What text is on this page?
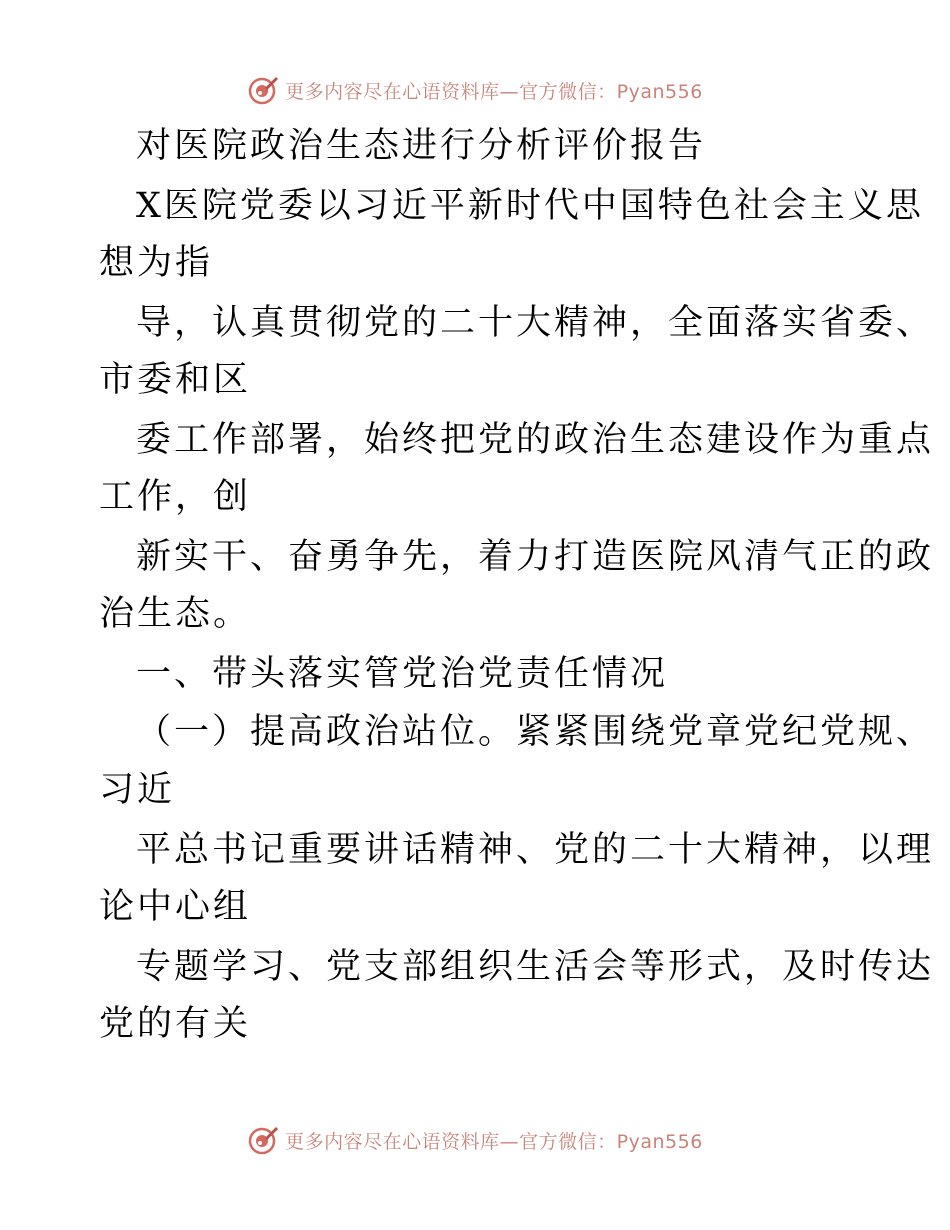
更多内容尽在心语资料库—官方微信：Pyan556
对医院政治生态进行分析评价报告
X医院党委以习近平新时代中国特色社会主义思
想为指
导，认真贯彻党的二十大精神，全面落实省委、
市委和区
委工作部署，始终把党的政治生态建设作为重点
工作，创
新实干、奋勇争先，着力打造医院风清气正的政
治生态。
一、带头落实管党治党责任情况
（一）提高政治站位。紧紧围绕党章党纪党规、
习近
平总书记重要讲话精神、党的二十大精神，以理
论中心组
专题学习、党支部组织生活会等形式，及时传达
党的有关
更多内容尽在心语资料库—官方微信：Pyan556
